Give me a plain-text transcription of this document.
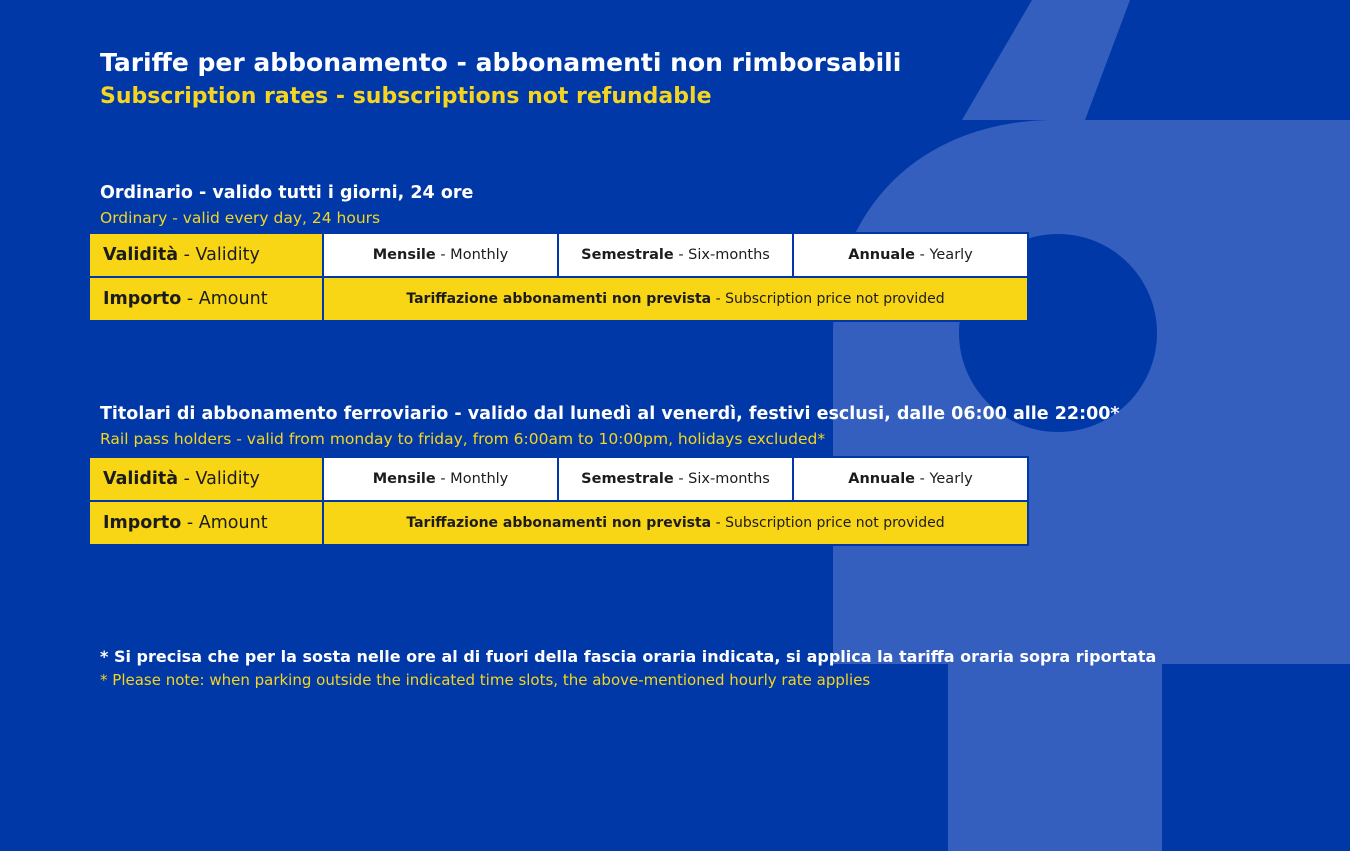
Tariffe per abbonamento - abbonamenti non rimborsabili
Subscription rates - subscriptions not refundable
Ordinario - valido tutti i giorni, 24 ore

Ordinary - valid every day, 24 hours

Validità - Validity	Mensile - Monthly	Semestrale - Six-months	Annuale - Yearly
Importo - Amount	Tariffazione abbonamenti non prevista - Subscription price not provided		
Titolari di abbonamento ferroviario - valido dal lunedì al venerdì, festivi esclusi, dalle 06:00 alle 22:00*

Rail pass holders - valid from monday to friday, from 6:00am to 10:00pm, holidays excluded*

Validità - Validity	Mensile - Monthly	Semestrale - Six-months	Annuale - Yearly
Importo - Amount	Tariffazione abbonamenti non prevista - Subscription price not provided		

* Si precisa che per la sosta nelle ore al di fuori della fascia oraria indicata, si applica la tariffa oraria sopra riportata

* Please note: when parking outside the indicated time slots, the above-mentioned hourly rate applies
